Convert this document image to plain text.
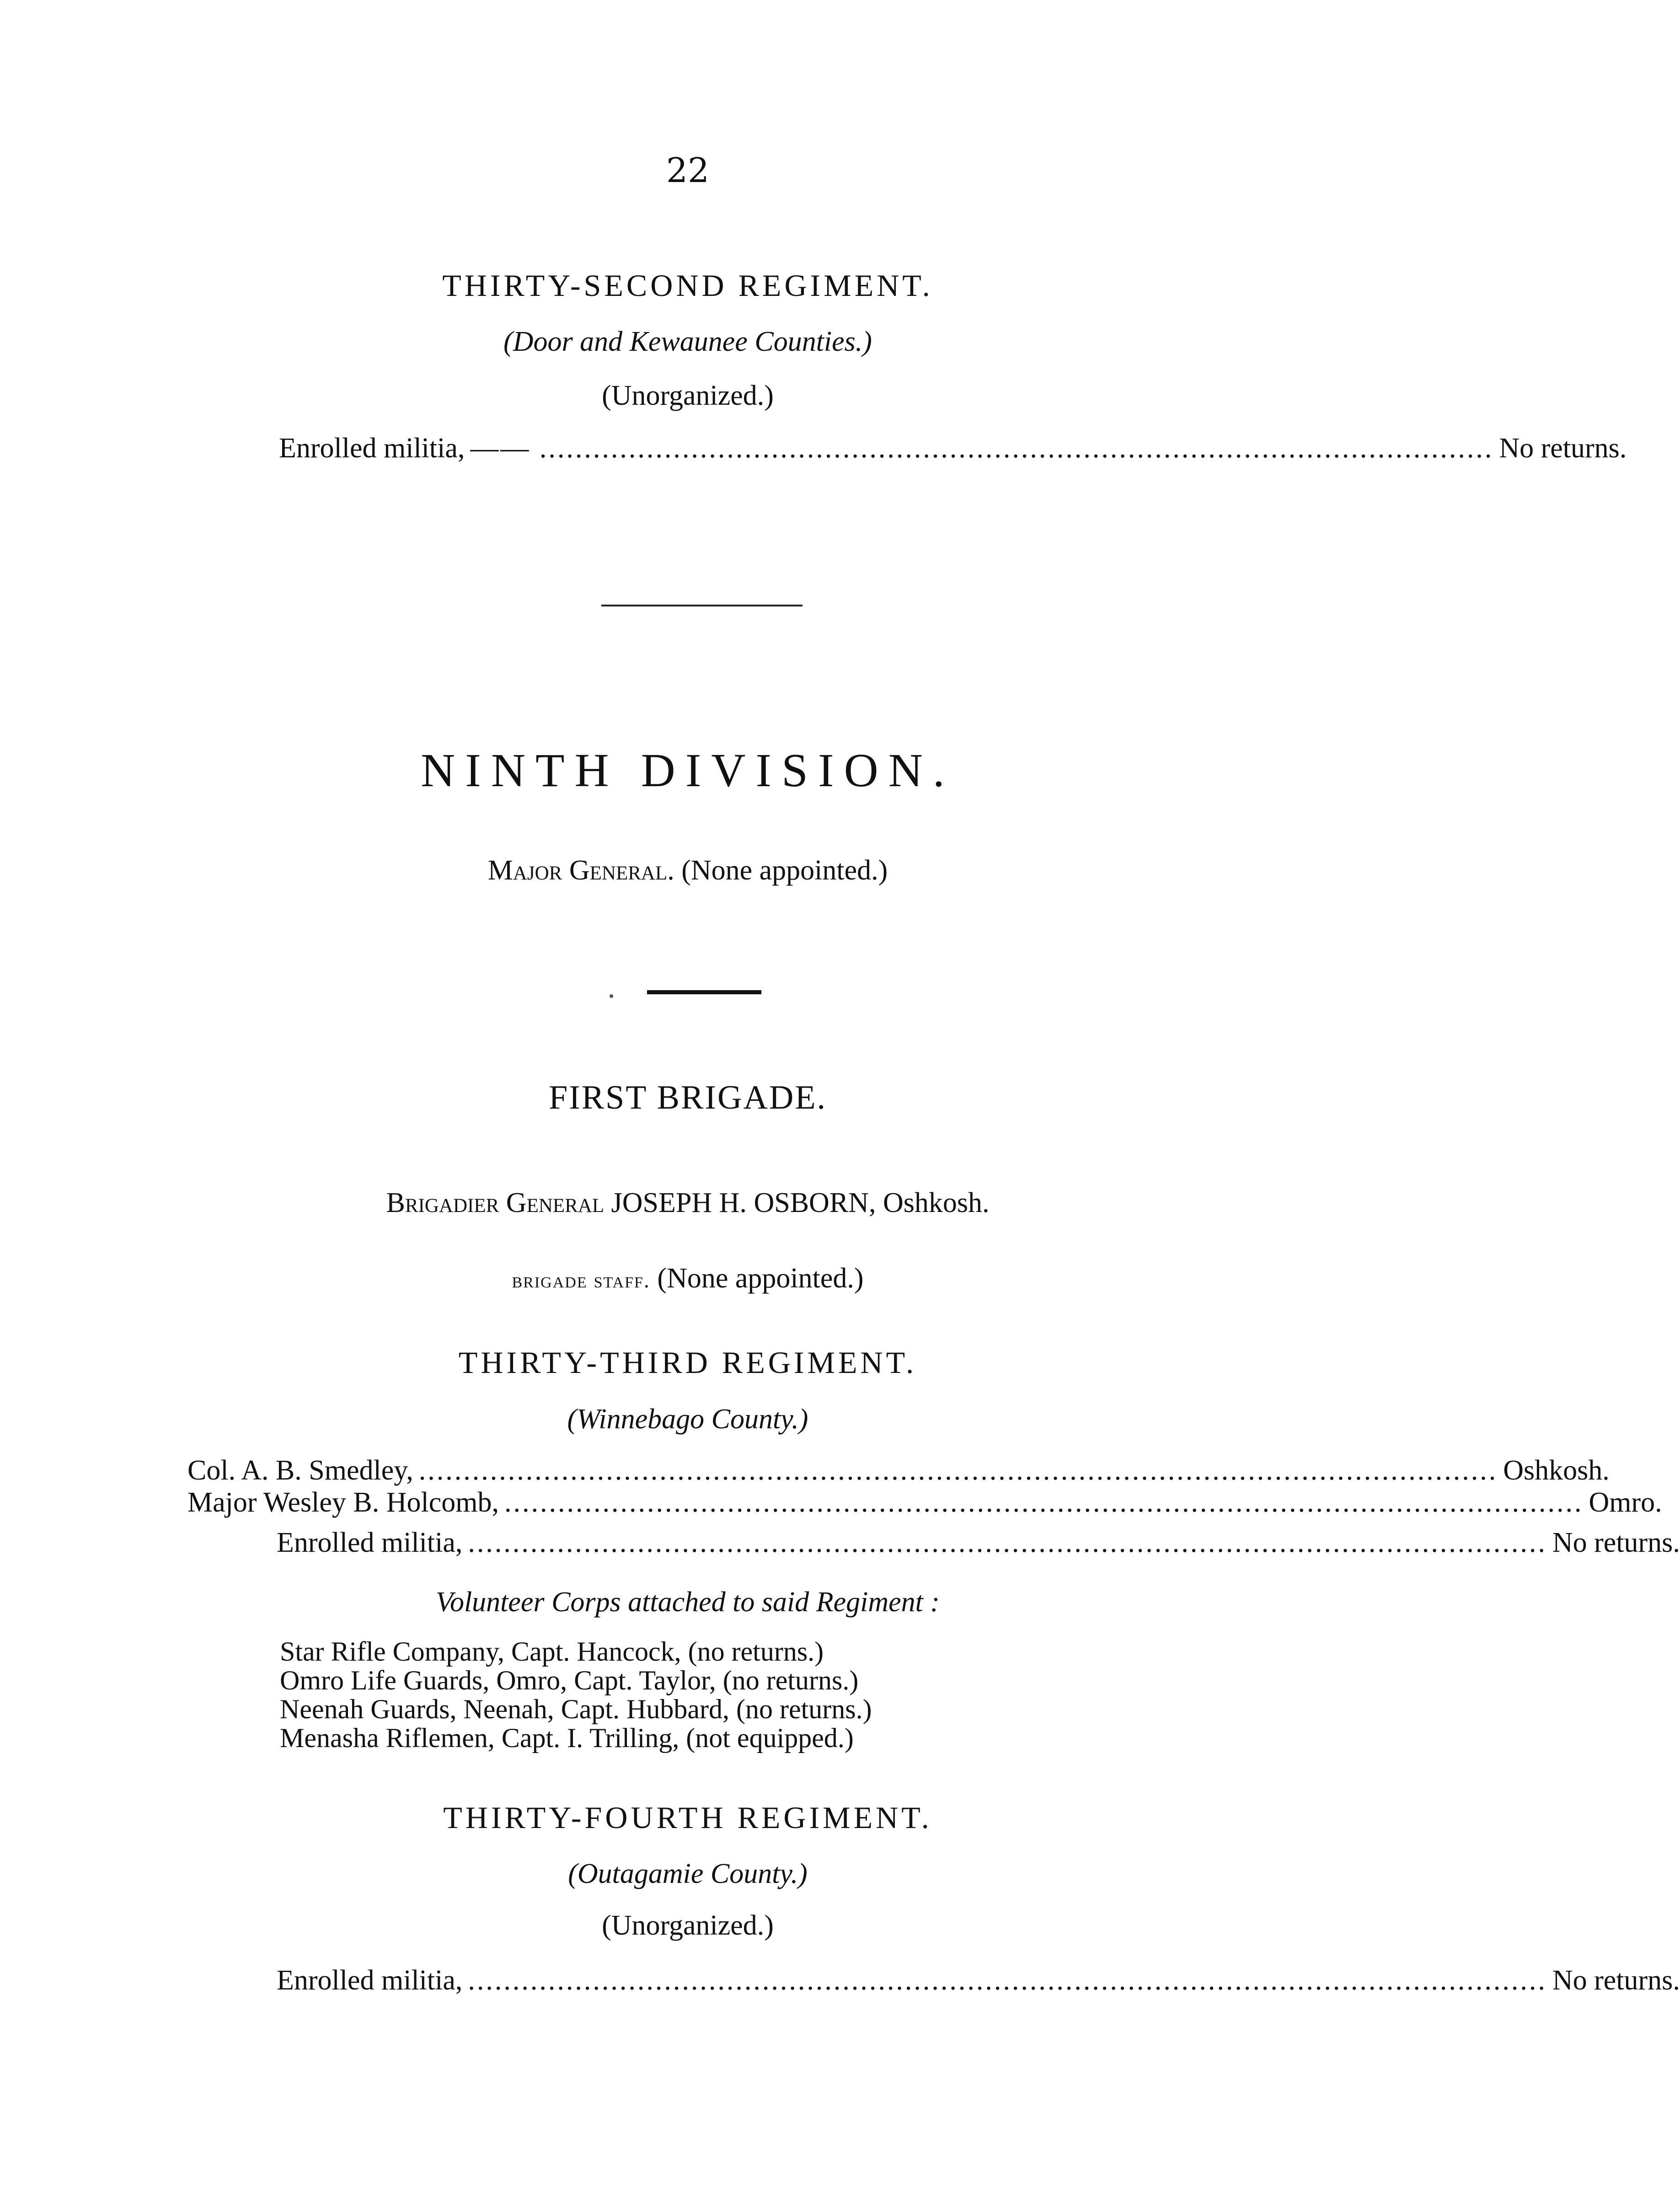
22
THIRTY-SECOND REGIMENT.
(Door and Kewaunee Counties.)
(Unorganized.)
Enrolled militia, —— ........................................................................................................... No returns.
NINTH DIVISION.
Major General. (None appointed.)
FIRST BRIGADE.
Brigadier General JOSEPH H. OSBORN, Oshkosh.
brigade staff. (None appointed.)
THIRTY-THIRD REGIMENT.
(Winnebago County.)
Col. A. B. Smedley, ......................................................................................................................... Oshkosh.
Major Wesley B. Holcomb, ......................................................................................................................... Omro.
Enrolled militia, ......................................................................................................................... No returns.
Volunteer Corps attached to said Regiment :
Star Rifle Company, Capt. Hancock, (no returns.)
Omro Life Guards, Omro, Capt. Taylor, (no returns.)
Neenah Guards, Neenah, Capt. Hubbard, (no returns.)
Menasha Riflemen, Capt. I. Trilling, (not equipped.)
THIRTY-FOURTH REGIMENT.
(Outagamie County.)
(Unorganized.)
Enrolled militia, ......................................................................................................................... No returns.
